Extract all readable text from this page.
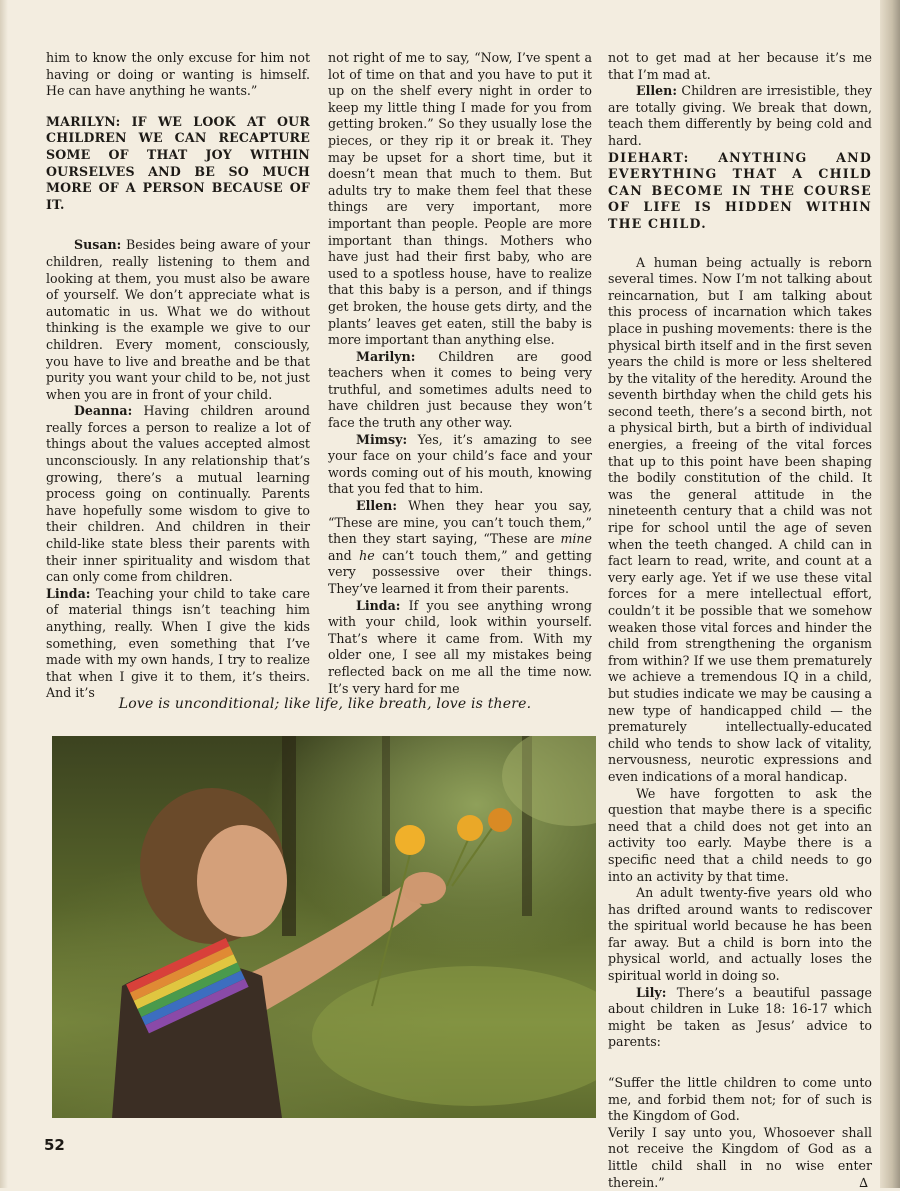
him to know the only excuse for him not having or doing or wanting is himself. He can have anything he wants.”

MARILYN: IF WE LOOK AT OUR CHILDREN WE CAN RECAPTURE SOME OF THAT JOY WITHIN OURSELVES AND BE SO MUCH MORE OF A PERSON BECAUSE OF IT.

Susan: Besides being aware of your children, really listening to them and looking at them, you must also be aware of yourself. We don’t appreciate what is automatic in us. What we do without thinking is the example we give to our children. Every moment, consciously, you have to live and breathe and be that purity you want your child to be, not just when you are in front of your child.

Deanna: Having children around really forces a person to realize a lot of things about the values accepted almost unconsciously. In any relationship that’s growing, there’s a mutual learning process going on continually. Parents have hopefully some wisdom to give to their children. And children in their child-like state bless their parents with their inner spirituality and wisdom that can only come from children.

Linda: Teaching your child to take care of material things isn’t teaching him anything, really. When I give the kids something, even something that I’ve made with my own hands, I try to realize that when I give it to them, it’s theirs. And it’s

not right of me to say, “Now, I’ve spent a lot of time on that and you have to put it up on the shelf every night in order to keep my little thing I made for you from getting broken.” So they usually lose the pieces, or they rip it or break it. They may be upset for a short time, but it doesn’t mean that much to them. But adults try to make them feel that these things are very important, more important than people. People are more important than things. Mothers who have just had their first baby, who are used to a spotless house, have to realize that this baby is a person, and if things get broken, the house gets dirty, and the plants’ leaves get eaten, still the baby is more important than anything else.

Marilyn: Children are good teachers when it comes to being very truthful, and sometimes adults need to have children just because they won’t face the truth any other way.

Mimsy: Yes, it’s amazing to see your face on your child’s face and your words coming out of his mouth, knowing that you fed that to him.

Ellen: When they hear you say, “These are mine, you can’t touch them,” then they start saying, “These are mine and he can’t touch them,” and getting very possessive over their things. They’ve learned it from their parents.

Linda: If you see anything wrong with your child, look within yourself. That’s where it came from. With my older one, I see all my mistakes being reflected back on me all the time now. It’s very hard for me

not to get mad at her because it’s me that I’m mad at.

Ellen: Children are irresistible, they are totally giving. We break that down, teach them differently by being cold and hard.

DIEHART: ANYTHING AND EVERYTHING THAT A CHILD CAN BECOME IN THE COURSE OF LIFE IS HIDDEN WITHIN THE CHILD.

A human being actually is reborn several times. Now I’m not talking about reincarnation, but I am talking about this process of incarnation which takes place in pushing movements: there is the physical birth itself and in the first seven years the child is more or less sheltered by the vitality of the heredity. Around the seventh birthday when the child gets his second teeth, there’s a second birth, not a physical birth, but a birth of individual energies, a freeing of the vital forces that up to this point have been shaping the bodily constitution of the child. It was the general attitude in the nineteenth century that a child was not ripe for school until the age of seven when the teeth changed. A child can in fact learn to read, write, and count at a very early age. Yet if we use these vital forces for a mere intellectual effort, couldn’t it be possible that we somehow weaken those vital forces and hinder the child from strengthening the organism from within? If we use them prematurely we achieve a tremendous IQ in a child, but studies indicate we may be causing a new type of handicapped child — the prematurely intellectually-educated child who tends to show lack of vitality, nervousness, neurotic expressions and even indications of a moral handicap.

We have forgotten to ask the question that maybe there is a specific need that a child does not get into an activity too early. Maybe there is a specific need that a child needs to go into an activity by that time.

An adult twenty-five years old who has drifted around wants to rediscover the spiritual world because he has been far away. But a child is born into the physical world, and actually loses the spiritual world in doing so.

Lily: There’s a beautiful passage about children in Luke 18: 16-17 which might be taken as Jesus’ advice to parents:

“Suffer the little children to come unto me, and forbid them not; for of such is the Kingdom of God.

Verily I say unto you, Whosoever shall not receive the Kingdom of God as a little child shall in no wise enter therein.”	∆

Love is unconditional; like life, like breath, love is there.
52
